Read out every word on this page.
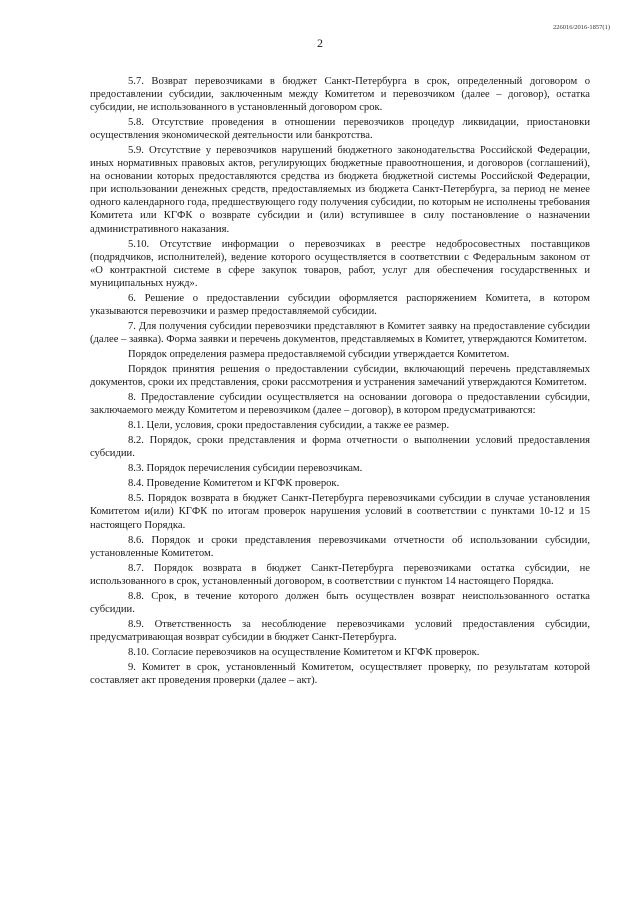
226016/2016-1857(1)
2

5.7. Возврат перевозчиками в бюджет Санкт-Петербурга в срок, определенный договором о предоставлении субсидии, заключенным между Комитетом и перевозчиком (далее – договор), остатка субсидии, не использованного в установленный договором срок.

5.8. Отсутствие проведения в отношении перевозчиков процедур ликвидации, приостановки осуществления экономической деятельности или банкротства.

5.9. Отсутствие у перевозчиков нарушений бюджетного законодательства Российской Федерации, иных нормативных правовых актов, регулирующих бюджетные правоотношения, и договоров (соглашений), на основании которых предоставляются средства из бюджета бюджетной системы Российской Федерации, при использовании денежных средств, предоставляемых из бюджета Санкт-Петербурга, за период не менее одного календарного года, предшествующего году получения субсидии, по которым не исполнены требования Комитета или КГФК о возврате субсидии и (или) вступившее в силу постановление о назначении административного наказания.

5.10. Отсутствие информации о перевозчиках в реестре недобросовестных поставщиков (подрядчиков, исполнителей), ведение которого осуществляется в соответствии с Федеральным законом от «О контрактной системе в сфере закупок товаров, работ, услуг для обеспечения государственных и муниципальных нужд».

6. Решение о предоставлении субсидии оформляется распоряжением Комитета, в котором указываются перевозчики и размер предоставляемой субсидии.

7. Для получения субсидии перевозчики представляют в Комитет заявку на предоставление субсидии (далее – заявка). Форма заявки и перечень документов, представляемых в Комитет, утверждаются Комитетом.

Порядок определения размера предоставляемой субсидии утверждается Комитетом.

Порядок принятия решения о предоставлении субсидии, включающий перечень представляемых документов, сроки их представления, сроки рассмотрения и устранения замечаний утверждаются Комитетом.

8. Предоставление субсидии осуществляется на основании договора о предоставлении субсидии, заключаемого между Комитетом и перевозчиком (далее – договор), в котором предусматриваются:

8.1. Цели, условия, сроки предоставления субсидии, а также ее размер.

8.2. Порядок, сроки представления и форма отчетности о выполнении условий предоставления субсидии.

8.3. Порядок перечисления субсидии перевозчикам.

8.4. Проведение Комитетом и КГФК проверок.

8.5. Порядок возврата в бюджет Санкт-Петербурга перевозчиками субсидии в случае установления Комитетом и(или) КГФК по итогам проверок нарушения условий в соответствии с пунктами 10-12 и 15 настоящего Порядка.

8.6. Порядок и сроки представления перевозчиками отчетности об использовании субсидии, установленные Комитетом.

8.7. Порядок возврата в бюджет Санкт-Петербурга перевозчиками остатка субсидии, не использованного в срок, установленный договором, в соответствии с пунктом 14 настоящего Порядка.

8.8. Срок, в течение которого должен быть осуществлен возврат неиспользованного остатка субсидии.

8.9. Ответственность за несоблюдение перевозчиками условий предоставления субсидии, предусматривающая возврат субсидии в бюджет Санкт-Петербурга.

8.10. Согласие перевозчиков на осуществление Комитетом и КГФК проверок.

9. Комитет в срок, установленный Комитетом, осуществляет проверку, по результатам которой составляет акт проведения проверки (далее – акт).
